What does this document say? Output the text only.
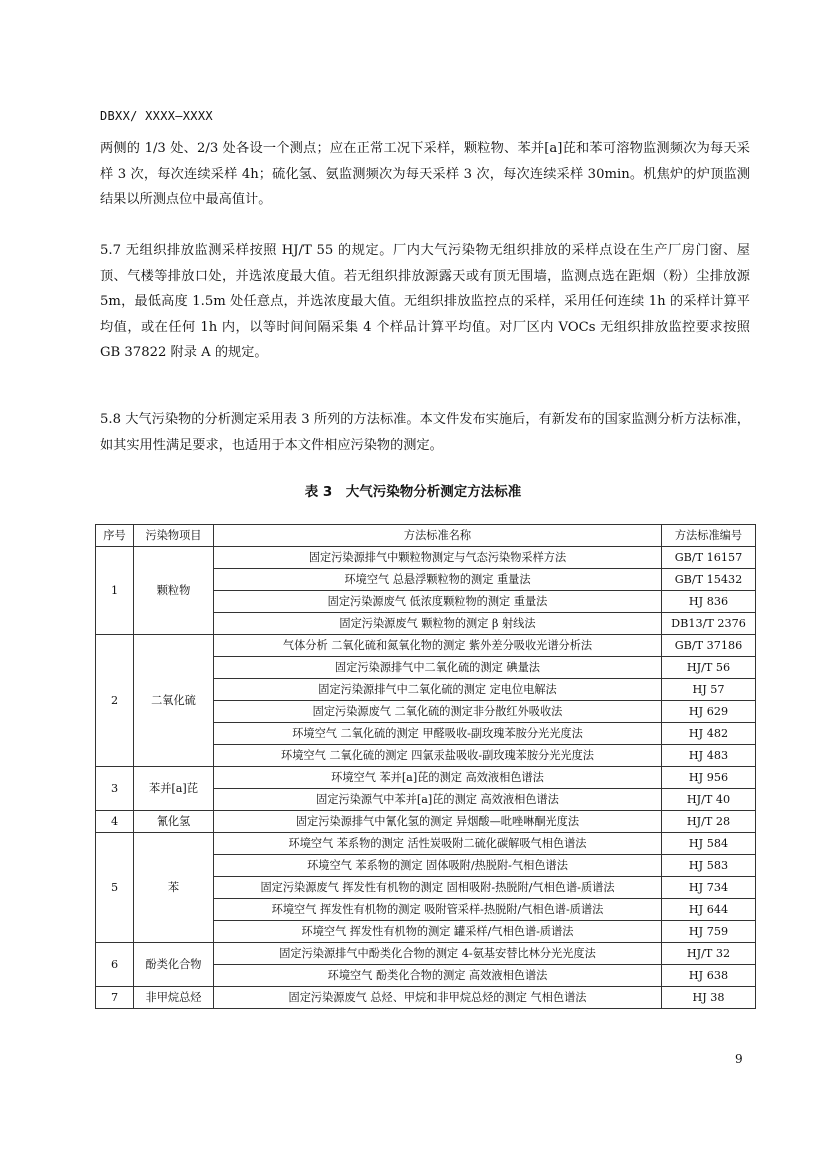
DBXX/ XXXX—XXXX

两侧的 1/3 处、2/3 处各设一个测点；应在正常工况下采样，颗粒物、苯并[a]芘和苯可溶物监测频次为每天采样 3 次，每次连续采样 4h；硫化氢、氨监测频次为每天采样 3 次，每次连续采样 30min。机焦炉的炉顶监测结果以所测点位中最高值计。

5.7 无组织排放监测采样按照 HJ/T 55 的规定。厂内大气污染物无组织排放的采样点设在生产厂房门窗、屋顶、气楼等排放口处，并选浓度最大值。若无组织排放源露天或有顶无围墙，监测点选在距烟（粉）尘排放源 5m，最低高度 1.5m 处任意点，并选浓度最大值。无组织排放监控点的采样，采用任何连续 1h 的采样计算平均值，或在任何 1h 内，以等时间间隔采集 4 个样品计算平均值。对厂区内 VOCs 无组织排放监控要求按照 GB 37822 附录 A 的规定。

5.8 大气污染物的分析测定采用表 3 所列的方法标准。本文件发布实施后，有新发布的国家监测分析方法标准，如其实用性满足要求，也适用于本文件相应污染物的测定。

表 3　大气污染物分析测定方法标准
序号	污染物项目	方法标准名称	方法标准编号
1	颗粒物	固定污染源排气中颗粒物测定与气态污染物采样方法	GB/T 16157
		环境空气 总悬浮颗粒物的测定 重量法	GB/T 15432
		固定污染源废气 低浓度颗粒物的测定 重量法	HJ 836
		固定污染源废气 颗粒物的测定 β 射线法	DB13/T 2376
2	二氧化硫	气体分析 二氧化硫和氮氧化物的测定 紫外差分吸收光谱分析法	GB/T 37186
		固定污染源排气中二氧化硫的测定 碘量法	HJ/T 56
		固定污染源排气中二氧化硫的测定 定电位电解法	HJ 57
		固定污染源废气 二氧化硫的测定非分散红外吸收法	HJ 629
		环境空气 二氧化硫的测定 甲醛吸收-副玫瑰苯胺分光光度法	HJ 482
		环境空气 二氧化硫的测定 四氯汞盐吸收-副玫瑰苯胺分光光度法	HJ 483
3	苯并[a]芘	环境空气 苯并[a]芘的测定 高效液相色谱法	HJ 956
		固定污染源气中苯并[a]芘的测定 高效液相色谱法	HJ/T 40
4	氰化氢	固定污染源排气中氰化氢的测定 异烟酸—吡唑啉酮光度法	HJ/T 28
5	苯	环境空气 苯系物的测定 活性炭吸附二硫化碳解吸气相色谱法	HJ 584
		环境空气 苯系物的测定 固体吸附/热脱附-气相色谱法	HJ 583
		固定污染源废气 挥发性有机物的测定 固相吸附-热脱附/气相色谱-质谱法	HJ 734
		环境空气 挥发性有机物的测定 吸附管采样-热脱附/气相色谱-质谱法	HJ 644
		环境空气 挥发性有机物的测定 罐采样/气相色谱-质谱法	HJ 759
6	酚类化合物	固定污染源排气中酚类化合物的测定 4-氨基安替比林分光光度法	HJ/T 32
		环境空气 酚类化合物的测定 高效液相色谱法	HJ 638
7	非甲烷总烃	固定污染源废气 总烃、甲烷和非甲烷总烃的测定 气相色谱法	HJ 38
9
